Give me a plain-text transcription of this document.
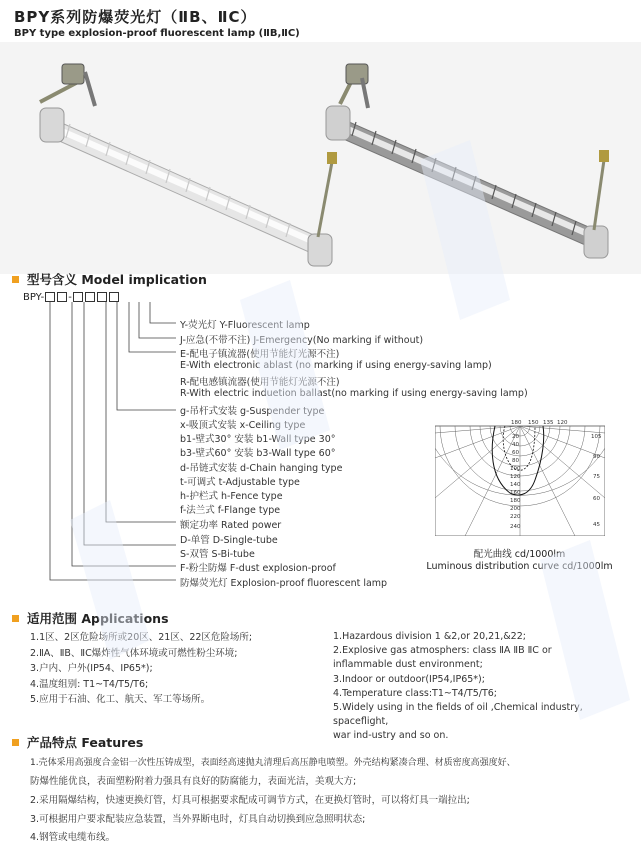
BPY系列防爆荧光灯（ⅡB、ⅡC）
BPY type explosion-proof fluorescent lamp (ⅡB,ⅡC)
型号含义 Model implication
BPY- -
Y-荧光灯 Y-Fluorescent lamp
J-应急(不带不注) J-Emergency(No marking if without)
E-配电子镇流器(使用节能灯光源不注)
E-With electronic ablast (no marking if using energy-saving lamp)
R-配电感镇流器(使用节能灯光源不注)
R-With electric induetion ballast(no marking if using energy-saving lamp)
g-吊杆式安装 g-Suspender type
x-吸顶式安装 x-Ceiling type
b1-壁式30° 安装 b1-Wall type 30°
b3-壁式60° 安装 b3-Wall type 60°
d-吊链式安装 d-Chain hanging type
t-可调式 t-Adjustable type
h-护栏式 h-Fence type
f-法兰式 f-Flange type
额定功率 Rated power
D-单管 D-Single-tube
S-双管 S-Bi-tube
F-粉尘防爆 F-dust explosion-proof
防爆荧光灯 Explosion-proof fluorescent lamp
180 150 135 120
105
90
75
60
45
20
40
60
80
100
120
140
160
180
200
220
240
配光曲线 cd/1000lm
Luminous distribution curve cd/1000lm
适用范围 Applications
1.1区、2区危险场所或20区、21区、22区危险场所;
2.ⅡA、ⅡB、ⅡC爆炸性气体环境或可燃性粉尘环境;
3.户内、户外(IP54、IP65*);
4.温度组别: T1~T4/T5/T6;
5.应用于石油、化工、航天、军工等场所。
1.Hazardous division 1 &2,or 20,21,&22;
2.Explosive gas atmosphers: class ⅡA ⅡB ⅡC or
inflammable dust environment;
3.Indoor or outdoor(IP54,IP65*);
4.Temperature class:T1~T4/T5/T6;
5.Widely using in the fields of oil ,Chemical industry, spaceflight,
war ind-ustry and so on.
产品特点 Features
1.壳体采用高强度合金铝一次性压铸成型，表面经高速抛丸清理后高压静电喷塑。外壳结构紧凑合理、材质密度高强度好、
防爆性能优良，表面塑粉附着力强具有良好的防腐能力，表面光洁，美观大方;
2.采用隔爆结构，快速更换灯管，灯具可根据要求配成可调节方式，在更换灯管时，可以将灯具一端拉出;
3.可根据用户要求配装应急装置，当外界断电时，灯具自动切换到应急照明状态;
4.钢管或电缆布线。
